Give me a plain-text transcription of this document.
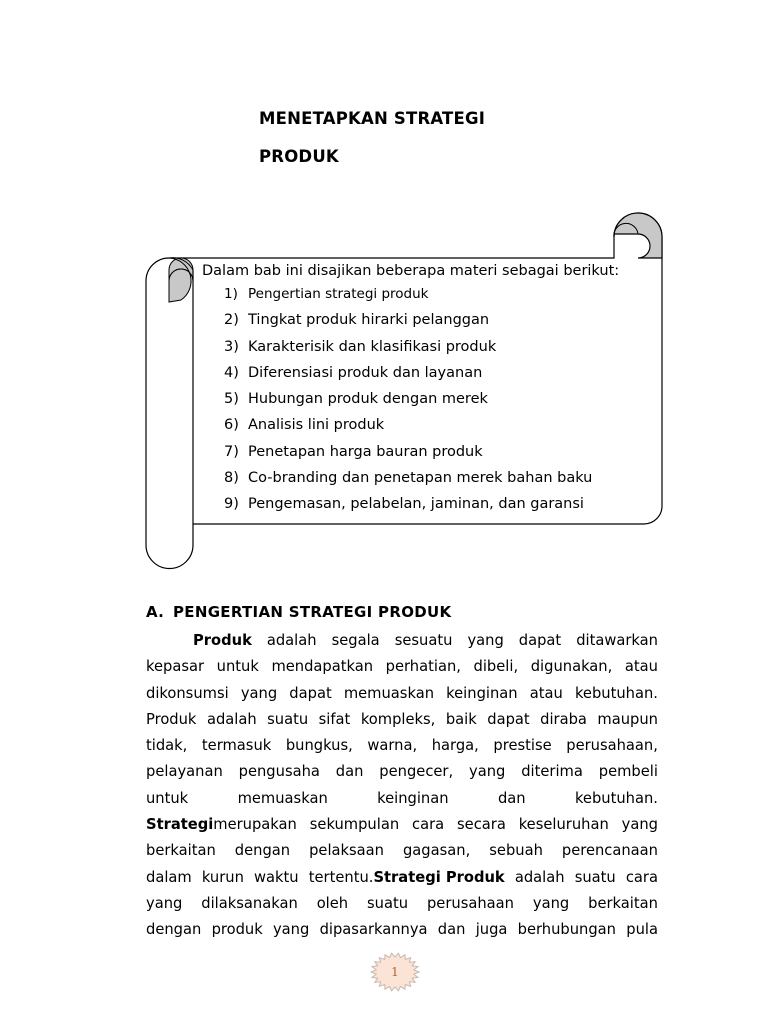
MENETAPKAN STRATEGI
PRODUK
Dalam bab ini disajikan beberapa materi sebagai berikut:
1) Pengertian strategi produk
2) Tingkat produk hirarki pelanggan
3) Karakterisik dan klasifikasi produk
4) Diferensiasi produk dan layanan
5) Hubungan produk dengan merek
6) Analisis lini produk
7) Penetapan harga bauran produk
8) Co-branding dan penetapan merek bahan baku
9) Pengemasan, pelabelan, jaminan, dan garansi
A. PENGERTIAN STRATEGI PRODUK
Produk adalah segala sesuatu yang dapat ditawarkan
kepasar untuk mendapatkan perhatian, dibeli, digunakan, atau
dikonsumsi yang dapat memuaskan keinginan atau kebutuhan.
Produk adalah suatu sifat kompleks, baik dapat diraba maupun
tidak, termasuk bungkus, warna, harga, prestise perusahaan,
pelayanan pengusaha dan pengecer, yang diterima pembeli
untuk	memuaskan	keinginan	dan	kebutuhan.
Strategimerupakan sekumpulan cara secara keseluruhan yang
berkaitan dengan pelaksaan gagasan, sebuah perencanaan
dalam kurun waktu tertentu.Strategi Produk adalah suatu cara
yang dilaksanakan oleh suatu perusahaan yang berkaitan
dengan produk yang dipasarkannya dan juga berhubungan pula
1
